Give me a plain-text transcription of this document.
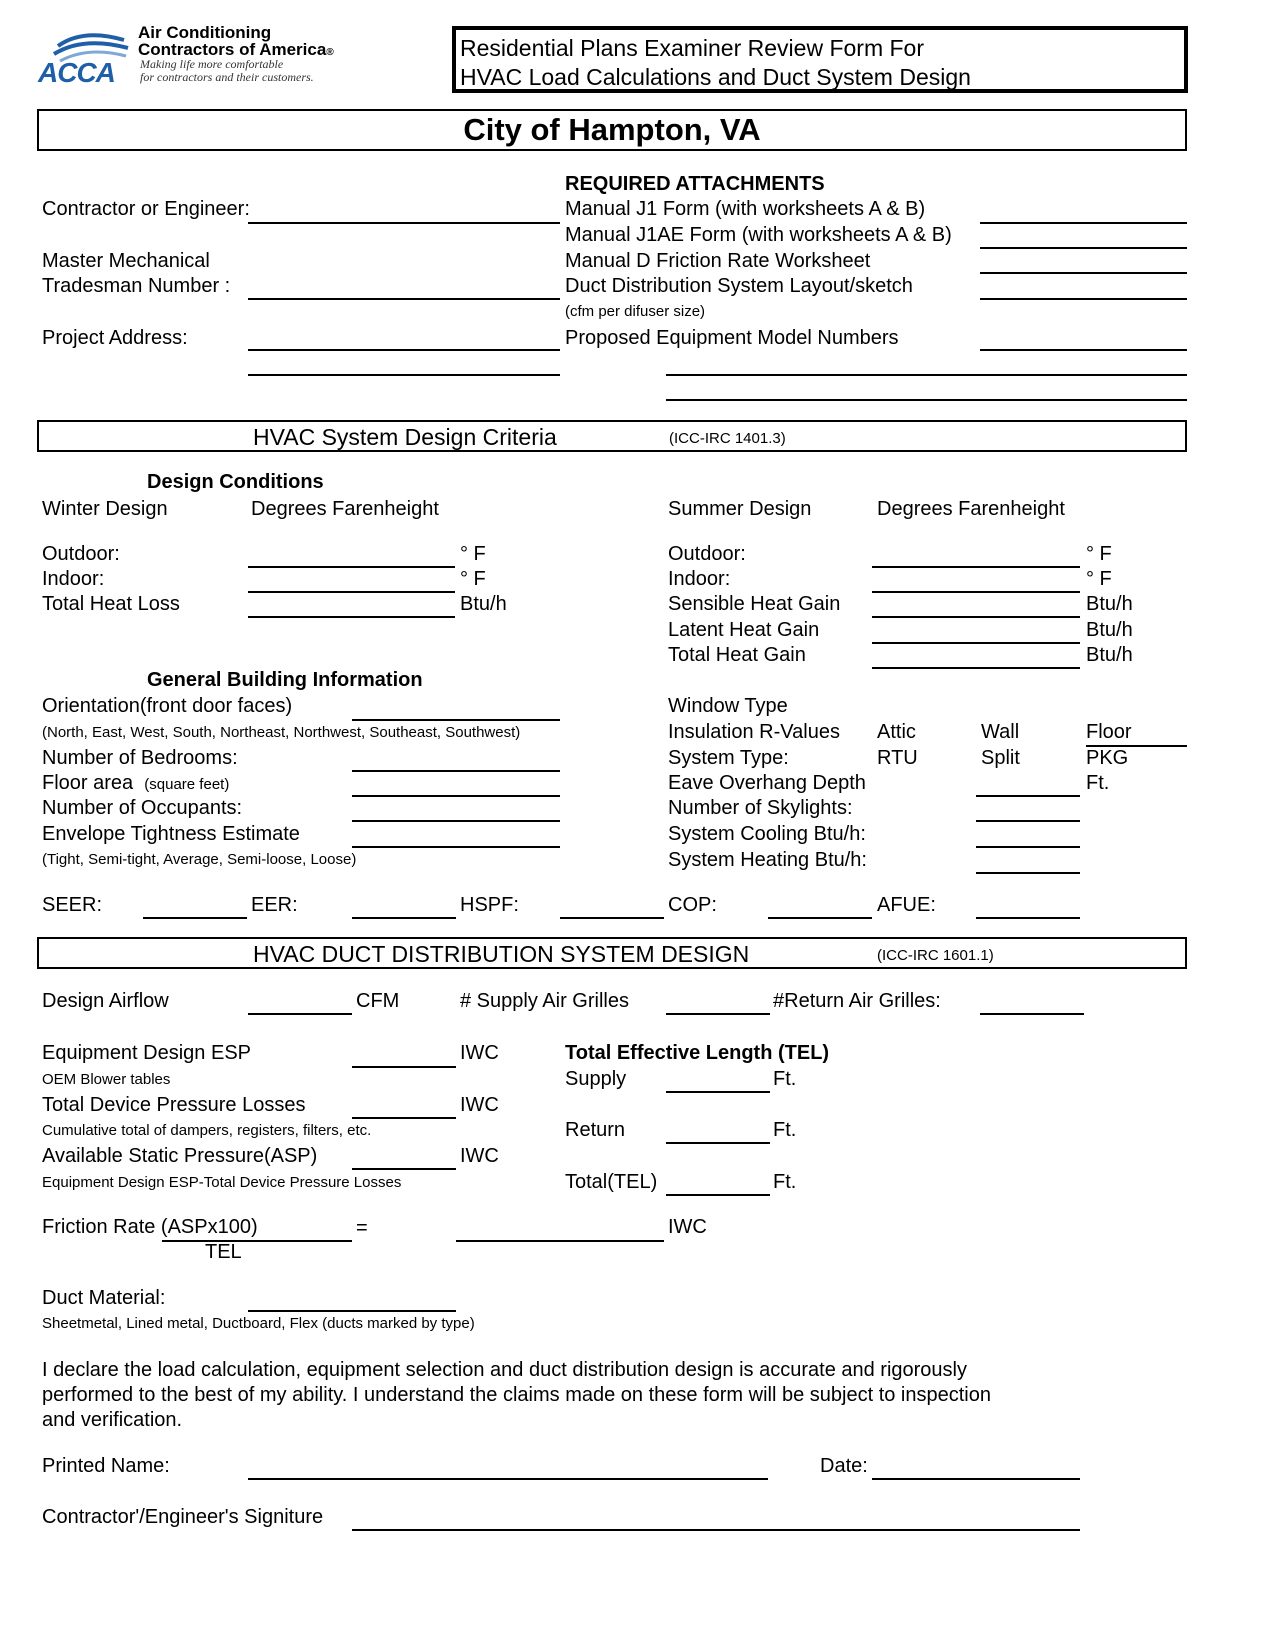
ACCA
Air Conditioning
Contractors of America®
Making life more comfortable
for contractors and their customers.
Residential Plans Examiner Review Form For
HVAC Load Calculations and Duct System Design
City of Hampton, VA
Contractor or Engineer:
Master Mechanical
Tradesman Number :
Project Address:
REQUIRED ATTACHMENTS
Manual J1 Form (with worksheets A & B)
Manual J1AE Form (with worksheets A & B)
Manual D Friction Rate Worksheet
Duct Distribution System Layout/sketch
(cfm per difuser size)
Proposed Equipment Model Numbers
HVAC System Design Criteria	(ICC-IRC 1401.3)
Design Conditions
Winter Design	Degrees Farenheight	Summer Design	Degrees Farenheight
Outdoor:	° F
Indoor:	° F
Total Heat Loss	Btu/h
Outdoor:	° F
Indoor:	° F
Sensible Heat Gain	Btu/h
Latent Heat Gain	Btu/h
Total Heat Gain	Btu/h
General Building Information
Orientation(front door faces)
(North, East, West, South, Northeast, Northwest, Southeast, Southwest)
Number of Bedrooms:
Floor area (square feet)
Number of Occupants:
Envelope Tightness Estimate
(Tight, Semi-tight, Average, Semi-loose, Loose)
Window Type
Insulation R-Values Attic	Wall	Floor
System Type:	RTU	Split	PKG
Eave Overhang Depth	Ft.
Number of Skylights:
System Cooling Btu/h:
System Heating Btu/h:
SEER:	EER:	HSPF:	COP:	AFUE:
HVAC DUCT DISTRIBUTION SYSTEM DESIGN	(ICC-IRC 1601.1)
Design Airflow	CFM	# Supply Air Grilles	#Return Air Grilles:
Equipment Design ESP	IWC
OEM Blower tables
Total Device Pressure Losses	IWC
Cumulative total of dampers, registers, filters, etc.
Available Static Pressure(ASP)	IWC
Equipment Design ESP-Total Device Pressure Losses
Total Effective Length (TEL)
Supply	Ft.
Return	Ft.
Total(TEL)	Ft.
Friction Rate (ASPx100)
TEL
=	IWC
Duct Material:
Sheetmetal, Lined metal, Ductboard, Flex (ducts marked by type)
I declare the load calculation, equipment selection and duct distribution design is accurate and rigorously
performed to the best of my ability. I understand the claims made on these form will be subject to inspection
and verification.
Printed Name:	Date:
Contractor'/Engineer's Signiture
